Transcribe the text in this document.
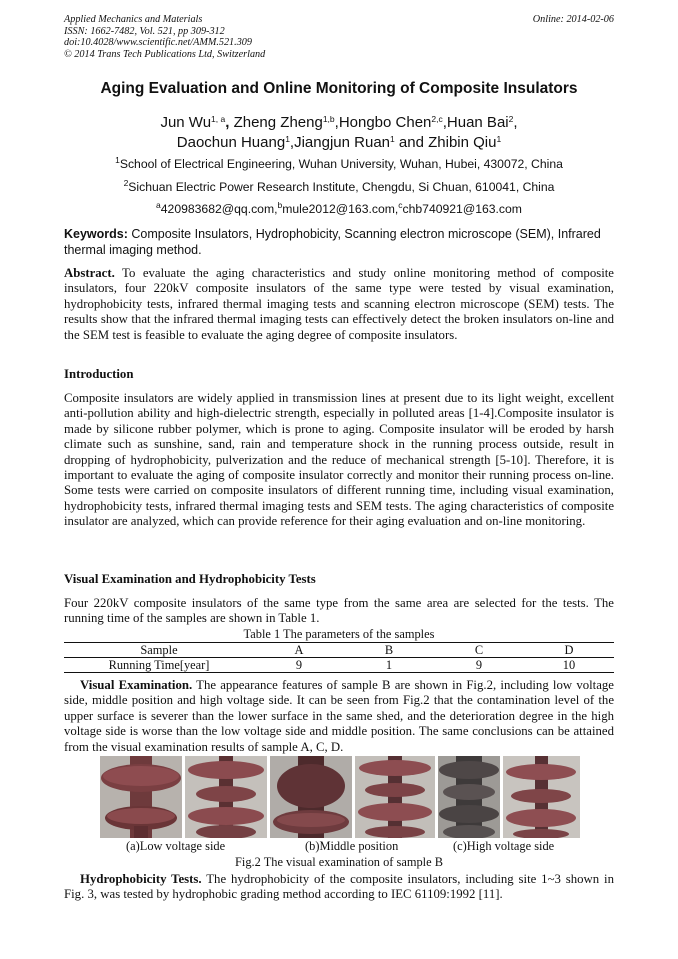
Applied Mechanics and Materials
ISSN: 1662-7482, Vol. 521, pp 309-312
doi:10.4028/www.scientific.net/AMM.521.309
© 2014 Trans Tech Publications Ltd, Switzerland
Online: 2014-02-06
Aging Evaluation and Online Monitoring of Composite Insulators
Jun Wu$^{1, a}$, Zheng Zheng$^{1,b}$,Hongbo Chen$^{2,c}$,Huan Bai$^2$,
Daochun Huang$^1$,Jiangjun Ruan$^1$ and Zhibin Qiu$^1$
$^1$School of Electrical Engineering, Wuhan University, Wuhan, Hubei, 430072, China
$^2$Sichuan Electric Power Research Institute, Chengdu, Si Chuan, 610041, China
$^a$420983682@qq.com,$^b$mule2012@163.com,$^c$chb740921@163.com
Keywords: Composite Insulators, Hydrophobicity, Scanning electron microscope (SEM), Infrared thermal imaging method.

Abstract. To evaluate the aging characteristics and study online monitoring method of composite insulators, four 220kV composite insulators of the same type were tested by visual examination, hydrophobicity tests, infrared thermal imaging tests and scanning electron microscope (SEM) tests. The results show that the infrared thermal imaging tests can effectively detect the broken insulators on-line and the SEM test is feasible to evaluate the aging degree of composite insulators.

Introduction

Composite insulators are widely applied in transmission lines at present due to its light weight, excellent anti-pollution ability and high-dielectric strength, especially in polluted areas [1-4].Composite insulator is made by silicone rubber polymer, which is prone to aging. Composite insulator will be eroded by harsh climate such as sunshine, sand, rain and temperature shock in the running process outside, result in dropping of hydrophobicity, pulverization and the reduce of mechanical strength [5-10]. Therefore, it is important to evaluate the aging of composite insulator correctly and monitor their running process on-line. Some tests were carried on composite insulators of different running time, including visual examination, hydrophobicity tests, infrared thermal imaging tests and SEM tests. The aging characteristics of composite insulator are analyzed, which can provide reference for their aging evaluation and on-line monitoring.

Visual Examination and Hydrophobicity Tests

Four 220kV composite insulators of the same type from the same area are selected for the tests. The running time of the samples are shown in Table 1.

Table 1 The parameters of the samples
Sample	A	B	C	D
Running Time[year]	9	1	9	10

Visual Examination. The appearance features of sample B are shown in Fig.2, including low voltage side, middle position and high voltage side. It can be seen from Fig.2 that the contamination level of the upper surface is severer than the lower surface in the same shed, and the deterioration degree in the high voltage side is worse than the low voltage side and middle position. The same conclusions can be attained from the visual examination results of sample A, C, D.

(a)Low voltage side	(b)Middle position	(c)High voltage side
Fig.2 The visual examination of sample B

Hydrophobicity Tests. The hydrophobicity of the composite insulators, including site 1~3 shown in Fig. 3, was tested by hydrophobic grading method according to IEC 61109:1992 [11].
